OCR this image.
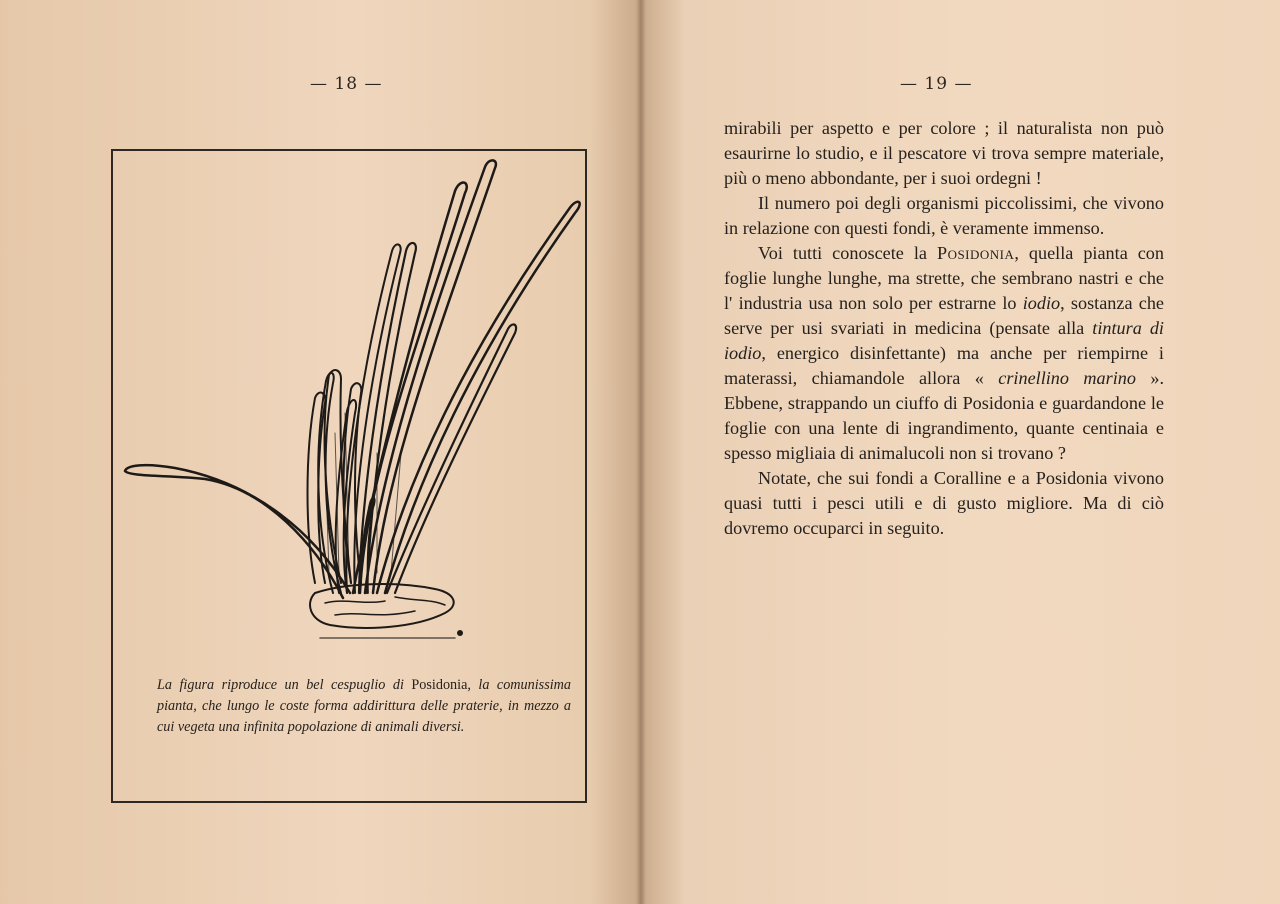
— 18 —
La figura riproduce un bel cespuglio di Posidonia, la comunissima pianta, che lungo le coste forma addirittura delle praterie, in mezzo a cui vegeta una infinita popolazione di animali diversi.
— 19 —

mirabili per aspetto e per colore ; il naturalista non può esaurirne lo studio, e il pescatore vi trova sempre materiale, più o meno abbondante, per i suoi ordegni !

Il numero poi degli organismi piccolissimi, che vivono in relazione con questi fondi, è veramente immenso.

Voi tutti conoscete la Posidonia, quella pianta con foglie lunghe lunghe, ma strette, che sembrano nastri e che l' industria usa non solo per estrarne lo iodio, sostanza che serve per usi svariati in medicina (pensate alla tintura di iodio, energico disinfettante) ma anche per riempirne i materassi, chiamandole allora « crinellino marino ». Ebbene, strappando un ciuffo di Posidonia e guardandone le foglie con una lente di ingrandimento, quante centinaia e spesso migliaia di animalucoli non si trovano ?

Notate, che sui fondi a Coralline e a Posidonia vivono quasi tutti i pesci utili e di gusto migliore. Ma di ciò dovremo occuparci in seguito.
